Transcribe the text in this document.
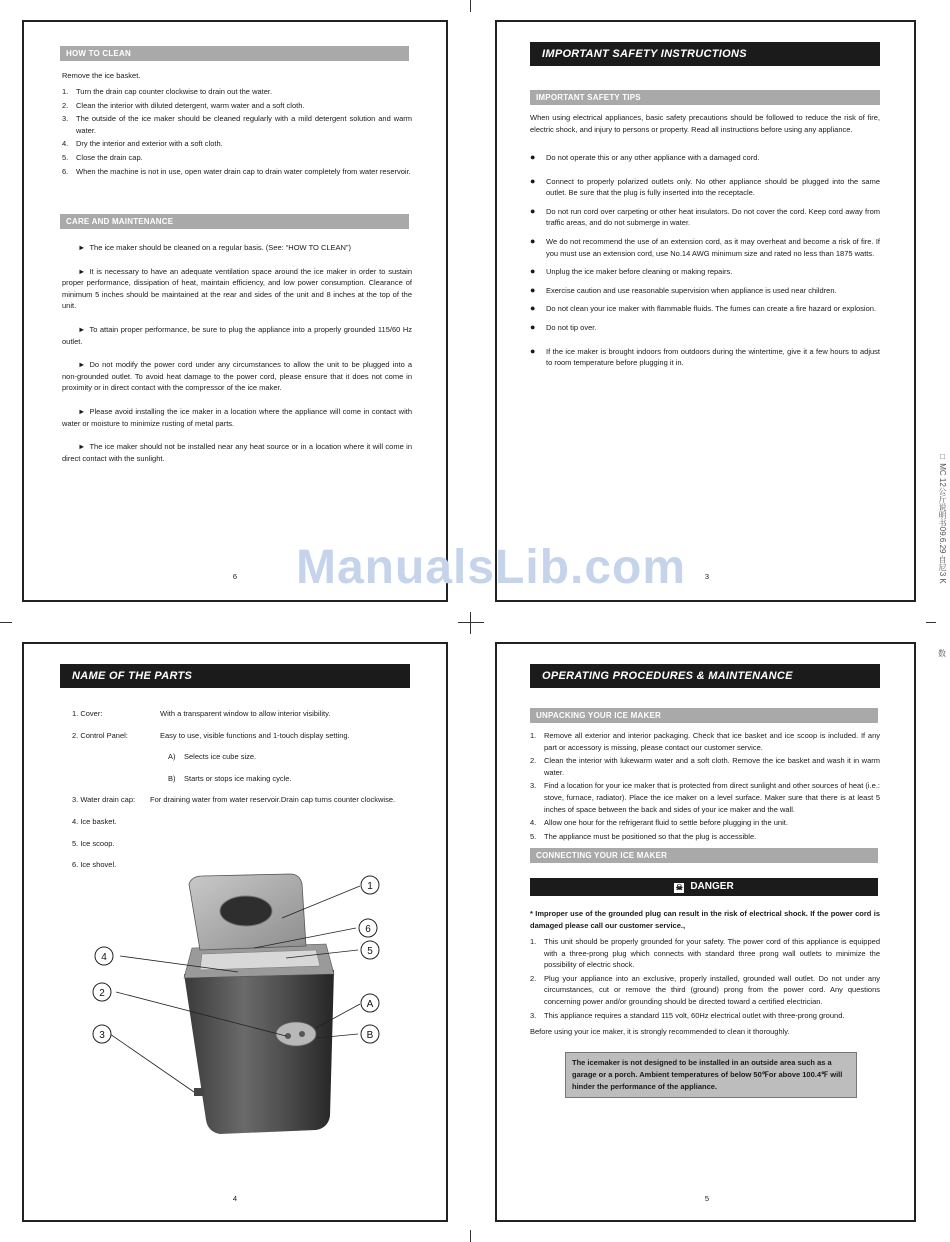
HOW TO CLEAN
Remove the ice basket.
1.	Turn the drain cap counter clockwise to drain out the water.
2.	Clean the interior with diluted detergent, warm water and a soft cloth.
3.	The outside of the ice maker should be cleaned regularly with a mild detergent solution and warm water.
4.	Dry the interior and exterior with a soft cloth.
5.	Close the drain cap.
6.	When the machine is not in use, open water drain cap to drain water completely from water reservoir.
CARE AND MAINTENANCE
► The ice maker should be cleaned on a regular basis. (See: “HOW TO CLEAN”)
► It is necessary to have an adequate ventilation space around the ice maker in order to sustain proper performance, dissipation of heat, maintain efficiency, and low power consumption. Clearance of minimum 5 inches should be maintained at the rear and sides of the unit and 8 inches at the top of the unit.
► To attain proper performance, be sure to plug the appliance into a properly grounded 115/60 Hz outlet.
► Do not modify the power cord under any circumstances to allow the unit to be plugged into a non-grounded outlet. To avoid heat damage to the power cord, please ensure that it does not come in proximity or in direct contact with the compressor of the ice maker.
► Please avoid installing the ice maker in a location where the appliance will come in contact with water or moisture to minimize rusting of metal parts.
► The ice maker should not be installed near any heat source or in a location where it will come in direct contact with the sunlight.
6
IMPORTANT SAFETY INSTRUCTIONS
IMPORTANT SAFETY TIPS
When using electrical appliances, basic safety precautions should be followed to reduce the risk of fire, electric shock, and injury to persons or property. Read all instructions before using any appliance.
●	Do not operate this or any other appliance with a damaged cord.
●	Connect to properly polarized outlets only. No other appliance should be plugged into the same outlet. Be sure that the plug is fully inserted into the receptacle.
●	Do not run cord over carpeting or other heat insulators. Do not cover the cord. Keep cord away from traffic areas, and do not submerge in water.
●	We do not recommend the use of an extension cord, as it may overheat and become a risk of fire. If you must use an extension cord, use No.14 AWG minimum size and rated no less than 1875 watts.
●	Unplug the ice maker before cleaning or making repairs.
●	Exercise caution and use reasonable supervision when appliance is used near children.
●	Do not clean your ice maker with flammable fluids. The fumes can create a fire hazard or explosion.
●	Do not tip over.
●	If the ice maker is brought indoors from outdoors during the wintertime, give it a few hours to adjust to room temperature before plugging it in.
3
NAME OF THE PARTS
1. Cover:	With a transparent window to allow interior visibility.
2. Control Panel:	Easy to use, visible functions and 1-touch display setting.
A)	Selects ice cube size.
B)	Starts or stops ice making cycle.
3. Water drain cap:	For draining water from water reservoir.Drain cap turns counter clockwise.
4. Ice basket.
5. Ice scoop.
6. Ice shovel.
1
6
5
4
2
3
A
B
4
OPERATING PROCEDURES & MAINTENANCE
UNPACKING YOUR ICE MAKER
1.	Remove all exterior and interior packaging. Check that ice basket and ice scoop is included. If any part or accessory is missing, please contact our customer service.
2.	Clean the interior with lukewarm water and a soft cloth. Remove the ice basket and wash it in warm water.
3.	Find a location for your ice maker that is protected from direct sunlight and other sources of heat (i.e.: stove, furnace, radiator). Place the ice maker on a level surface. Maker sure that there is at least 5 inches of space between the back and sides of your ice maker and the wall.
4.	Allow one hour for the refrigerant fluid to settle before plugging in the unit.
5.	The appliance must be positioned so that the plug is accessible.
CONNECTING YOUR ICE MAKER
☠ DANGER
* Improper use of the grounded plug can result in the risk of electrical shock. If the power cord is damaged please call our customer service.,
1.	This unit should be properly grounded for your safety. The power cord of this appliance is equipped with a three-prong plug which connects with standard three prong wall outlets to minimize the possibility of electric shock.
2.	Plug your appliance into an exclusive, properly installed, grounded wall outlet. Do not under any circumstances, cut or remove the third (ground) prong from the power cord. Any questions concerning power and/or grounding should be directed toward a certified electrician.
3.	This appliance requires a standard 115 volt, 60Hz electrical outlet with three-prong ground.
Before using your ice maker, it is strongly recommended to clean it thoroughly.
The icemaker is not designed to be installed in an outside area such as a garage or a porch. Ambient temperatures of below 50℉or above 100.4℉ will hinder the performance of the appliance.
5
ManualsLib.com	□ MC 12公斤说明书09.6.29 自尼3 K
数
